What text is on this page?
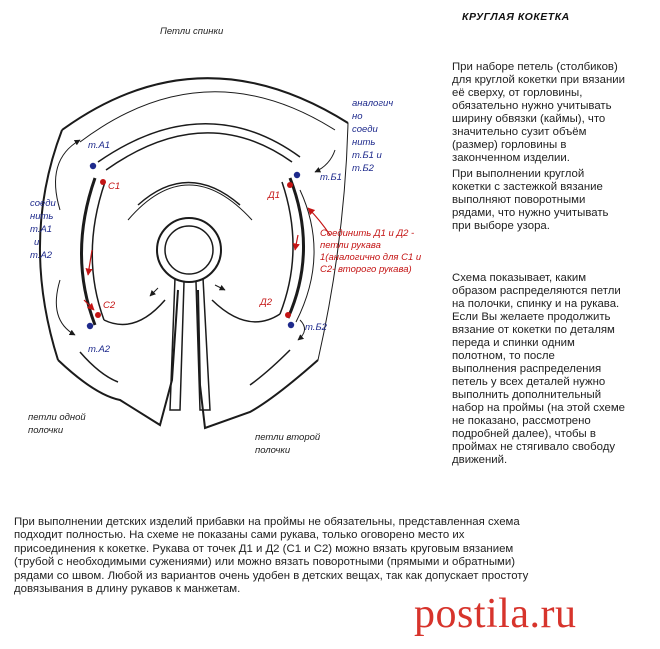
Петли спинки
петли одной полочки
петли второй полочки
соеди нить т.А1 и т.А2
аналогич но соеди нить т.Б1 и т.Б2
Соединить Д1 и Д2 - петли рукава 1(аналогично для С1 и С2- второго рукава)
т.А1
С1
С2
т.А2
т.Б1
Д1
Д2
т.Б2
КРУГЛАЯ КОКЕТКА

При наборе петель (столбиков)
для круглой кокетки при вязании
её сверху, от горловины,
обязательно нужно учитывать
ширину обвязки (каймы), что
значительно сузит объём
(размер) горловины в
законченном изделии.

При выполнении круглой
кокетки с застежкой вязание
выполняют поворотными
рядами, что нужно учитывать
при выборе узора.

Схема показывает, каким
образом распределяются петли
на полочки, спинку и на рукава.
Если Вы желаете продолжить
вязание от кокетки по деталям
переда и спинки одним
полотном, то после
выполнения распределения
петель у всех деталей нужно
выполнить дополнительный
набор на проймы (на этой схеме
не показано, рассмотрено
подробней далее), чтобы в
проймах не стягивало свободу
движений.

При выполнении детских изделий прибавки на проймы не обязательны, представленная схема
подходит полностью. На схеме не показаны сами рукава, только оговорено место их
присоединения к кокетке. Рукава от точек Д1 и Д2 (С1 и С2) можно вязать круговым вязанием
(трубой с необходимыми сужениями) или можно вязать поворотными (прямыми и обратными)
рядами со швом. Любой из вариантов очень удобен в детских вещах, так как допускает простоту
довязывания в длину рукавов к манжетам.

postila.ru
